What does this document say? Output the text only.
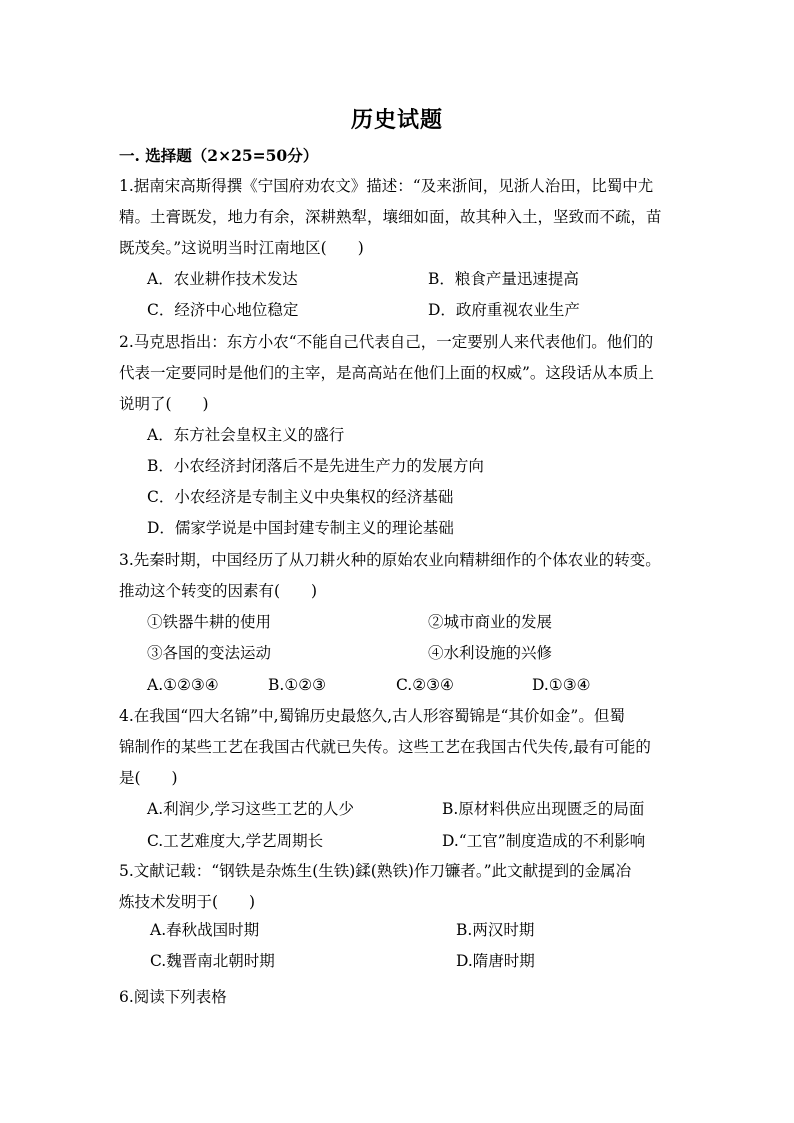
历史试题
一. 选择题（2×25=50分）
1.据南宋高斯得撰《宁国府劝农文》描述：“及来浙间，见浙人治田，比蜀中尤
精。土膏既发，地力有余，深耕熟犁，壤细如面，故其种入土，坚致而不疏，苗
既茂矣。”这说明当时江南地区(　　)
A．农业耕作技术发达	B．粮食产量迅速提高
C．经济中心地位稳定	D．政府重视农业生产
2.马克思指出：东方小农“不能自己代表自己，一定要别人来代表他们。他们的
代表一定要同时是他们的主宰，是高高站在他们上面的权威”。这段话从本质上
说明了(　　)
A．东方社会皇权主义的盛行
B．小农经济封闭落后不是先进生产力的发展方向
C．小农经济是专制主义中央集权的经济基础
D．儒家学说是中国封建专制主义的理论基础
3.先秦时期，中国经历了从刀耕火种的原始农业向精耕细作的个体农业的转变。
推动这个转变的因素有(　　)
①铁器牛耕的使用	②城市商业的发展
③各国的变法运动	④水利设施的兴修
A.①②③④	B.①②③	C.②③④	D.①③④
4.在我国“四大名锦”中,蜀锦历史最悠久,古人形容蜀锦是“其价如金”。但蜀
锦制作的某些工艺在我国古代就已失传。这些工艺在我国古代失传,最有可能的
是(　　)
A.利润少,学习这些工艺的人少	B.原材料供应出现匮乏的局面
C.工艺难度大,学艺周期长	D.“工官”制度造成的不利影响
5.文献记载：“钢铁是杂炼生(生铁)鍒(熟铁)作刀镰者。”此文献提到的金属冶
炼技术发明于(　　)
A.春秋战国时期	B.两汉时期
C.魏晋南北朝时期	D.隋唐时期
6.阅读下列表格
